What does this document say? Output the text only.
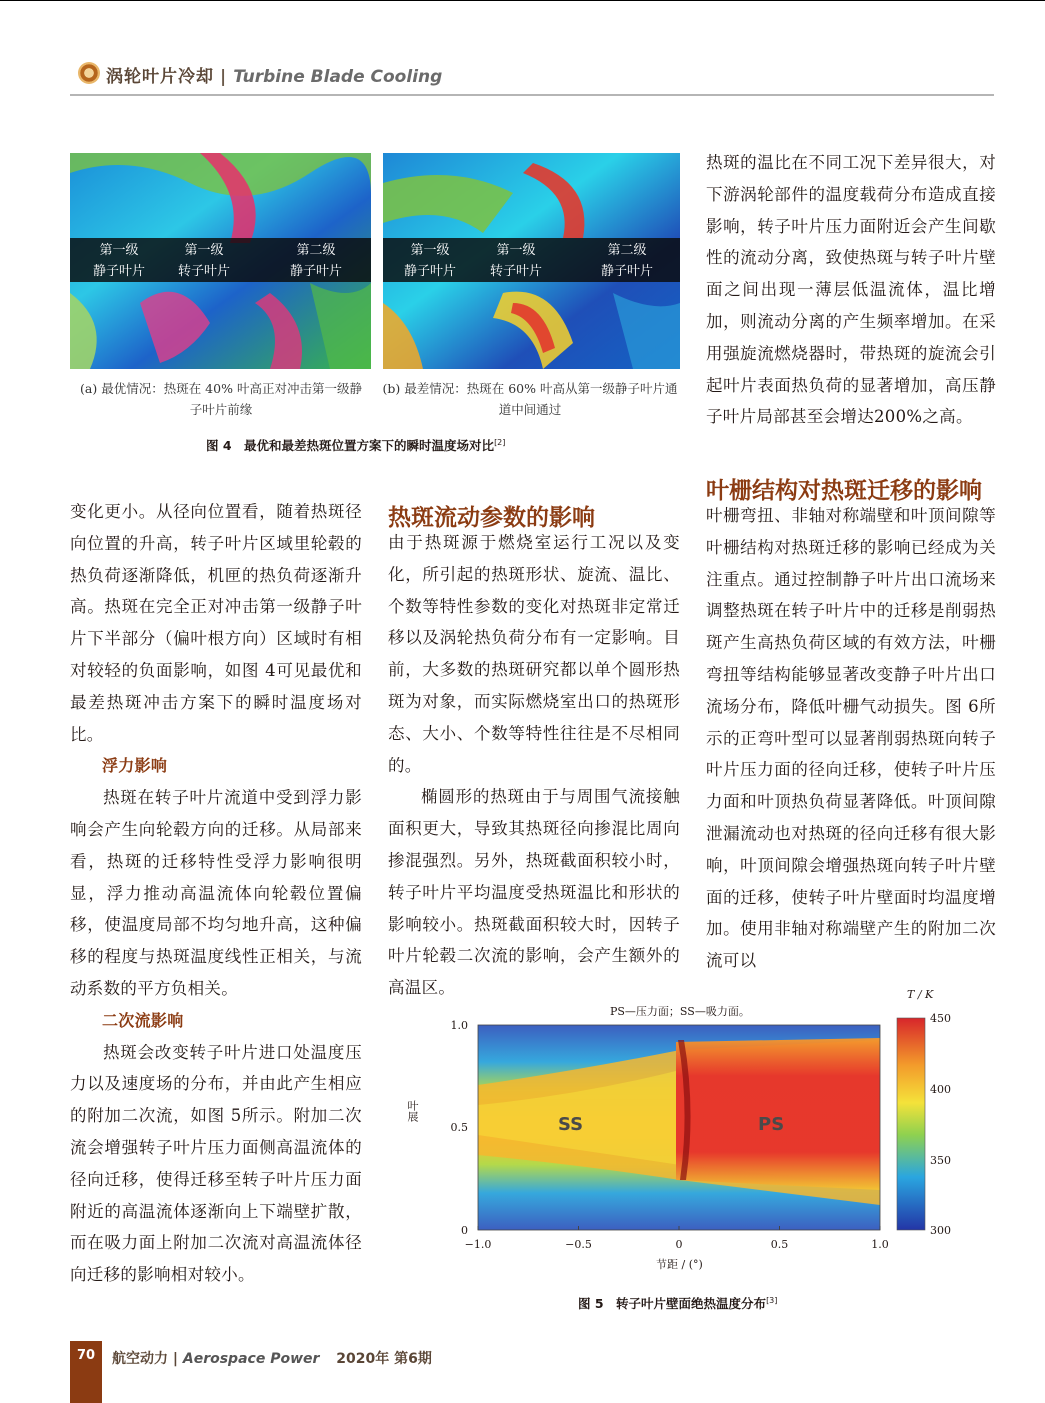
涡轮叶片冷却 | Turbine Blade Cooling
第一级
静子叶片
第一级
转子叶片
第二级
静子叶片
(a) 最优情况：热斑在 40% 叶高正对冲击第一级静子叶片前缘
第一级
静子叶片
第一级
转子叶片
第二级
静子叶片
(b) 最差情况：热斑在 60% 叶高从第一级静子叶片通道中间通过
图 4　最优和最差热斑位置方案下的瞬时温度场对比[2]

热斑的温比在不同工况下差异很大，对下游涡轮部件的温度载荷分布造成直接影响，转子叶片压力面附近会产生间歇性的流动分离，致使热斑与转子叶片壁面之间出现一薄层低温流体，温比增加，则流动分离的产生频率增加。在采用强旋流燃烧器时，带热斑的旋流会引起叶片表面热负荷的显著增加，高压静子叶片局部甚至会增达200%之高。

变化更小。从径向位置看，随着热斑径向位置的升高，转子叶片区域里轮毂的热负荷逐渐降低，机匣的热负荷逐渐升高。热斑在完全正对冲击第一级静子叶片下半部分（偏叶根方向）区域时有相对较轻的负面影响，如图 4可见最优和最差热斑冲击方案下的瞬时温度场对比。

浮力影响

热斑在转子叶片流道中受到浮力影响会产生向轮毂方向的迁移。从局部来看，热斑的迁移特性受浮力影响很明显，浮力推动高温流体向轮毂位置偏移，使温度局部不均匀地升高，这种偏移的程度与热斑温度线性正相关，与流动系数的平方负相关。

二次流影响

热斑会改变转子叶片进口处温度压力以及速度场的分布，并由此产生相应的附加二次流，如图 5所示。附加二次流会增强转子叶片压力面侧高温流体的径向迁移，使得迁移至转子叶片压力面附近的高温流体逐渐向上下端壁扩散，而在吸力面上附加二次流对高温流体径向迁移的影响相对较小。

热斑流动参数的影响

由于热斑源于燃烧室运行工况以及变化，所引起的热斑形状、旋流、温比、个数等特性参数的变化对热斑非定常迁移以及涡轮热负荷分布有一定影响。目前，大多数的热斑研究都以单个圆形热斑为对象，而实际燃烧室出口的热斑形态、大小、个数等特性往往是不尽相同的。

椭圆形的热斑由于与周围气流接触面积更大，导致其热斑径向掺混比周向掺混强烈。另外，热斑截面积较小时，转子叶片平均温度受热斑温比和形状的影响较小。热斑截面积较大时，因转子叶片轮毂二次流的影响，会产生额外的高温区。

叶栅结构对热斑迁移的影响

叶栅弯扭、非轴对称端壁和叶顶间隙等叶栅结构对热斑迁移的影响已经成为关注重点。通过控制静子叶片出口流场来调整热斑在转子叶片中的迁移是削弱热斑产生高热负荷区域的有效方法，叶栅弯扭等结构能够显著改变静子叶片出口流场分布，降低叶栅气动损失。图 6所示的正弯叶型可以显著削弱热斑向转子叶片压力面的径向迁移，使转子叶片压力面和叶顶热负荷显著降低。叶顶间隙泄漏流动也对热斑的径向迁移有很大影响，叶顶间隙会增强热斑向转子叶片壁面的迁移，使转子叶片壁面时均温度增加。使用非轴对称端壁产生的附加二次流可以

SS	PS
1.0
0.5
0
−1.0	−0.5	0	0.5	1.0
450
400
350
300
PS—压力面；SS—吸力面。
T / K
叶展
节距 / (°)
图 5　转子叶片壁面绝热温度分布[3]
70	航空动力 | Aerospace Power 2020年 第6期
